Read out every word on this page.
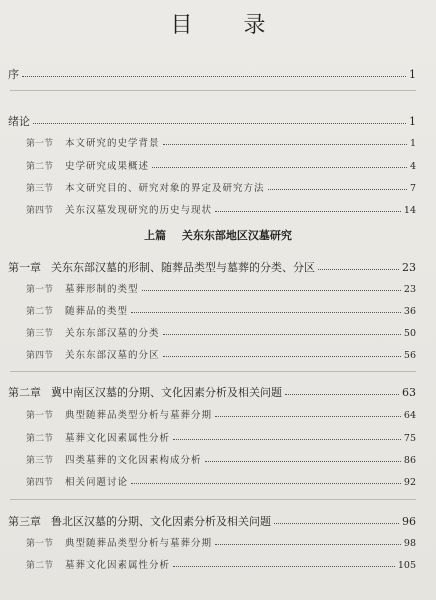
目 录
序	1
绪论	1
第一节 本文研究的史学背景	1
第二节 史学研究成果概述	4
第三节 本文研究目的、研究对象的界定及研究方法	7
第四节 关东汉墓发现研究的历史与现状	14
上篇 关东东部地区汉墓研究
第一章 关东东部汉墓的形制、随葬品类型与墓葬的分类、分区	23
第一节 墓葬形制的类型	23
第二节 随葬品的类型	36
第三节 关东东部汉墓的分类	50
第四节 关东东部汉墓的分区	56
第二章 冀中南区汉墓的分期、文化因素分析及相关问题	63
第一节 典型随葬品类型分析与墓葬分期	64
第二节 墓葬文化因素属性分析	75
第三节 四类墓葬的文化因素构成分析	86
第四节 相关问题讨论	92
第三章 鲁北区汉墓的分期、文化因素分析及相关问题	96
第一节 典型随葬品类型分析与墓葬分期	98
第二节 墓葬文化因素属性分析	105
